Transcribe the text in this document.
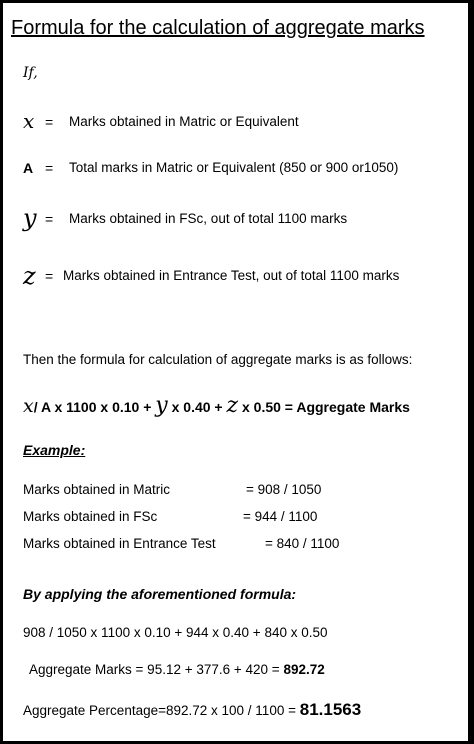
Formula for the calculation of aggregate marks
If,
x = Marks obtained in Matric or Equivalent
A = Total marks in Matric or Equivalent (850 or 900 or1050)
y = Marks obtained in FSc, out of total 1100 marks
z = Marks obtained in Entrance Test, out of total 1100 marks
Then the formula for calculation of aggregate marks is as follows:
x/ A x 1100 x 0.10 + y x 0.40 + z x 0.50 = Aggregate Marks
Example:
Marks obtained in Matric	= 908 / 1050
Marks obtained in FSc	= 944 / 1100
Marks obtained in Entrance Test	= 840 / 1100
By applying the aforementioned formula:
908 / 1050 x 1100 x 0.10 + 944 x 0.40 + 840 x 0.50
Aggregate Marks = 95.12 + 377.6 + 420 = 892.72
Aggregate Percentage=892.72 x 100 / 1100 = 81.1563
